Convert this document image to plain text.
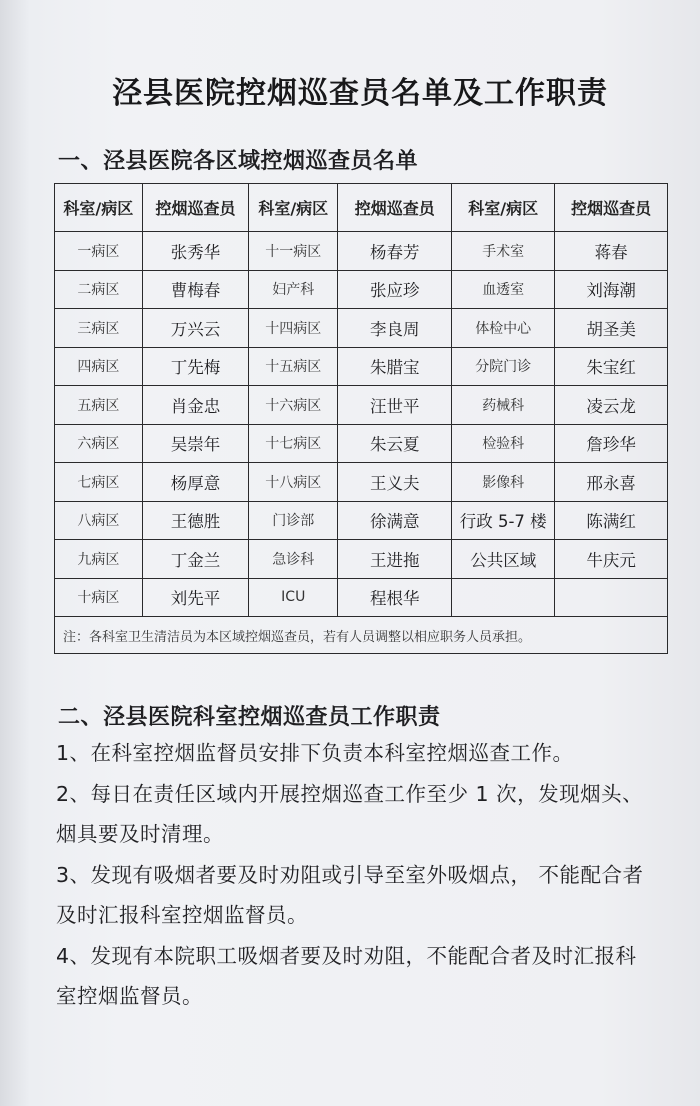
泾县医院控烟巡查员名单及工作职责
一、泾县医院各区域控烟巡查员名单
科室/病区	控烟巡查员	科室/病区	控烟巡查员	科室/病区	控烟巡查员
一病区	张秀华	十一病区	杨春芳	手术室	蒋春
二病区	曹梅春	妇产科	张应珍	血透室	刘海潮
三病区	万兴云	十四病区	李良周	体检中心	胡圣美
四病区	丁先梅	十五病区	朱腊宝	分院门诊	朱宝红
五病区	肖金忠	十六病区	汪世平	药械科	凌云龙
六病区	吴崇年	十七病区	朱云夏	检验科	詹珍华
七病区	杨厚意	十八病区	王义夫	影像科	邢永喜
八病区	王德胜	门诊部	徐满意	行政 5-7 楼	陈满红
九病区	丁金兰	急诊科	王进拖	公共区域	牛庆元
十病区	刘先平	ICU	程根华		
注：各科室卫生清洁员为本区域控烟巡查员，若有人员调整以相应职务人员承担。					
二、泾县医院科室控烟巡查员工作职责

1、在科室控烟监督员安排下负责本科室控烟巡查工作。

2、每日在责任区域内开展控烟巡查工作至少 1 次，发现烟头、烟具要及时清理。

3、发现有吸烟者要及时劝阻或引导至室外吸烟点， 不能配合者及时汇报科室控烟监督员。

4、发现有本院职工吸烟者要及时劝阻，不能配合者及时汇报科室控烟监督员。
